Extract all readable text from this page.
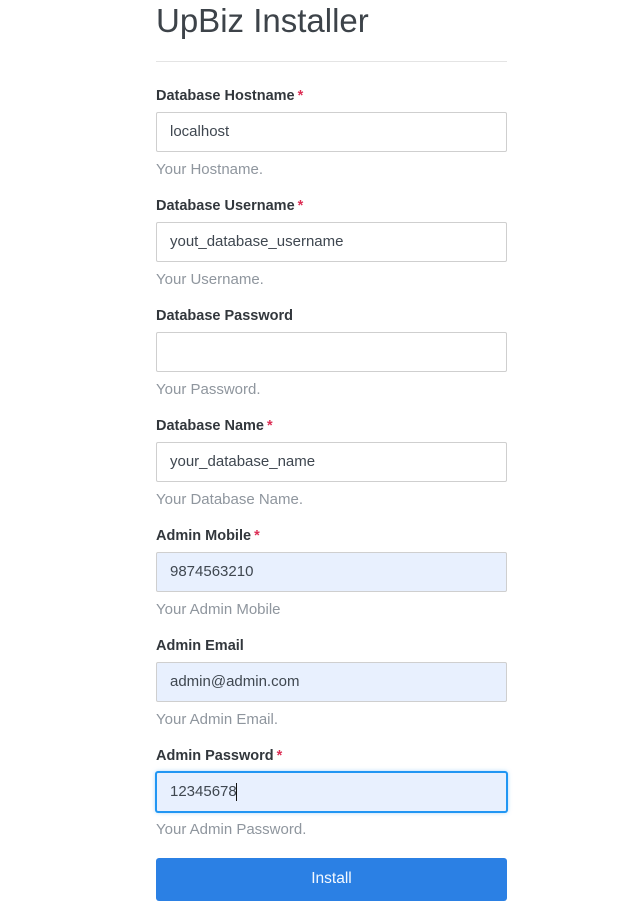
UpBiz Installer
Database Hostname *
localhost
Your Hostname.
Database Username *
yout_database_username
Your Username.
Database Password
Your Password.
Database Name *
your_database_name
Your Database Name.
Admin Mobile *
9874563210
Your Admin Mobile
Admin Email
admin@admin.com
Your Admin Email.
Admin Password *
12345678
Your Admin Password.
Install
